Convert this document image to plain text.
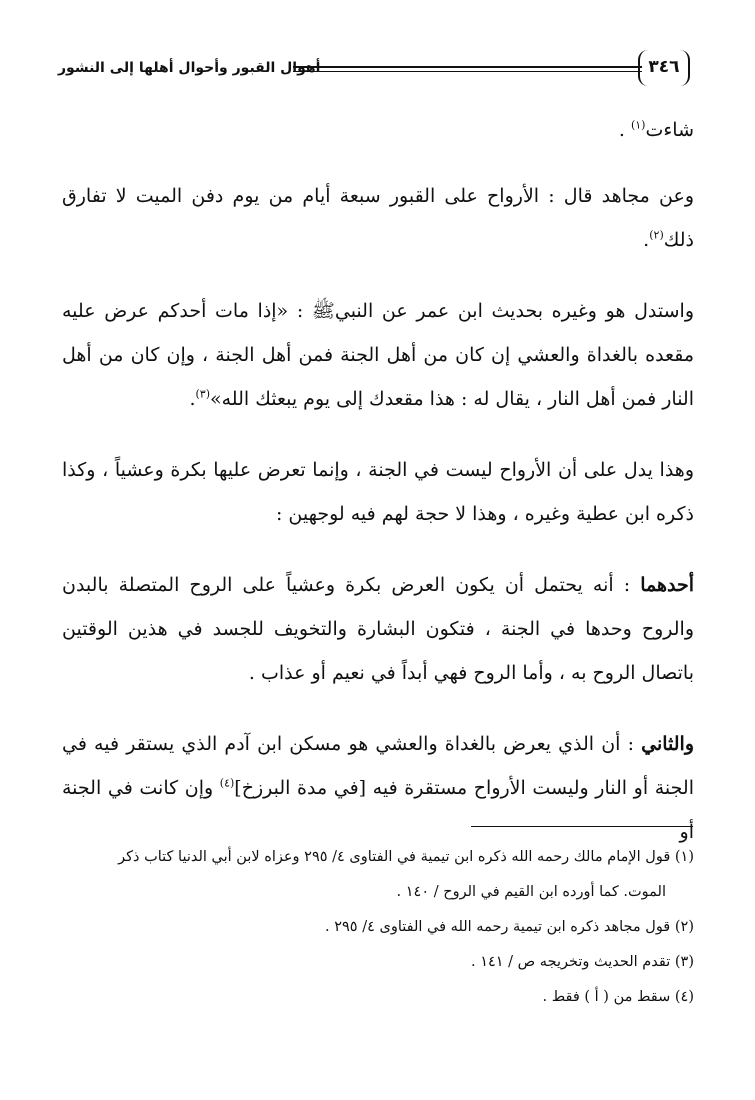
أهوال القبور وأحوال أهلها إلى النشور	٣٤٦

شاءت$^{(١)}$ .

وعن مجاهد قال : الأرواح على القبور سبعة أيام من يوم دفن الميت لا تفارق ذلك$^{(٢)}$.

واستدل هو وغيره بحديث ابن عمر عن النبيﷺ : «إذا مات أحدكم عرض عليه مقعده بالغداة والعشي إن كان من أهل الجنة فمن أهل الجنة ، وإن كان من أهل النار فمن أهل النار ، يقال له : هذا مقعدك إلى يوم يبعثك الله»$^{(٣)}$.

وهذا يدل على أن الأرواح ليست في الجنة ، وإنما تعرض عليها بكرة وعشياً ، وكذا ذكره ابن عطية وغيره ، وهذا لا حجة لهم فيه لوجهين :

أحدهما : أنه يحتمل أن يكون العرض بكرة وعشياً على الروح المتصلة بالبدن والروح وحدها في الجنة ، فتكون البشارة والتخويف للجسد في هذين الوقتين باتصال الروح به ، وأما الروح فهي أبداً في نعيم أو عذاب .

والثاني : أن الذي يعرض بالغداة والعشي هو مسكن ابن آدم الذي يستقر فيه في الجنة أو النار وليست الأرواح مستقرة فيه [في مدة البرزخ]$^{(٤)}$ وإن كانت في الجنة أو

(١) قول الإمام مالك رحمه الله ذكره ابن تيمية في الفتاوى ٤/ ٢٩٥ وعزاه لابن أبي الدنيا كتاب ذكر
الموت. كما أورده ابن القيم في الروح / ١٤٠ .

(٢) قول مجاهد ذكره ابن تيمية رحمه الله في الفتاوى ٤/ ٢٩٥ .

(٣) تقدم الحديث وتخريجه ص / ١٤١ .

(٤) سقط من ( أ ) فقط .
